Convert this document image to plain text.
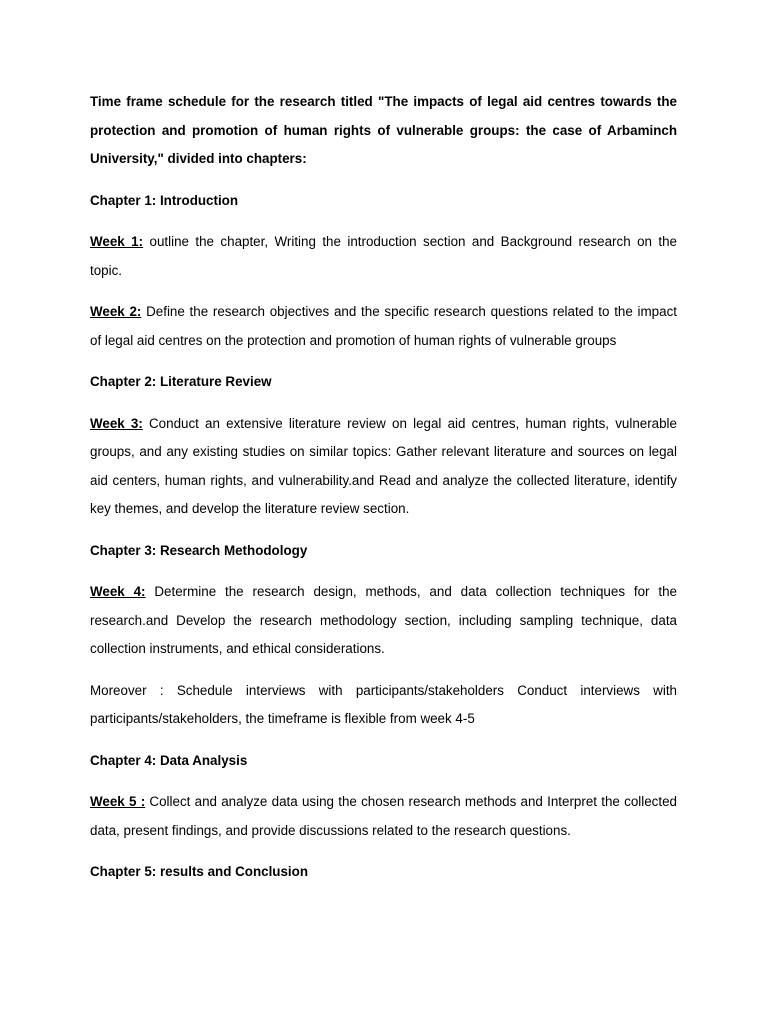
Time frame schedule for the research titled "The impacts of legal aid centres towards the protection and promotion of human rights of vulnerable groups: the case of Arbaminch University," divided into chapters:

Chapter 1: Introduction

Week 1: outline the chapter, Writing the introduction section and Background research on the topic.

Week 2: Define the research objectives and the specific research questions related to the impact of legal aid centres on the protection and promotion of human rights of vulnerable groups

Chapter 2: Literature Review

Week 3: Conduct an extensive literature review on legal aid centres, human rights, vulnerable groups, and any existing studies on similar topics: Gather relevant literature and sources on legal aid centers, human rights, and vulnerability.and Read and analyze the collected literature, identify key themes, and develop the literature review section.

Chapter 3: Research Methodology

Week 4: Determine the research design, methods, and data collection techniques for the research.and Develop the research methodology section, including sampling technique, data collection instruments, and ethical considerations.

Moreover : Schedule interviews with participants/stakeholders Conduct interviews with participants/stakeholders, the timeframe is flexible from week 4-5

Chapter 4: Data Analysis

Week 5 : Collect and analyze data using the chosen research methods and Interpret the collected data, present findings, and provide discussions related to the research questions.

Chapter 5: results and Conclusion
